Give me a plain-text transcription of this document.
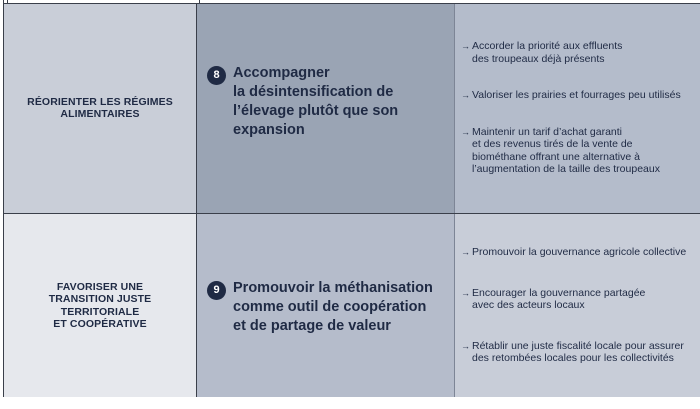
RÉORIENTER LES RÉGIMES
ALIMENTAIRES
8 Accompagner
la désintensification de
l’élevage plutôt que son
expansion
→ Accorder la priorité aux effluents
des troupeaux déjà présents
→ Valoriser les prairies et fourrages peu utilisés
→ Maintenir un tarif d’achat garanti
et des revenus tirés de la vente de
biométhane offrant une alternative à
l’augmentation de la taille des troupeaux
FAVORISER UNE
TRANSITION JUSTE
TERRITORIALE
ET COOPÉRATIVE
9 Promouvoir la méthanisation
comme outil de coopération
et de partage de valeur
→ Promouvoir la gouvernance agricole collective
→ Encourager la gouvernance partagée
avec des acteurs locaux
→ Rétablir une juste fiscalité locale pour assurer
des retombées locales pour les collectivités
